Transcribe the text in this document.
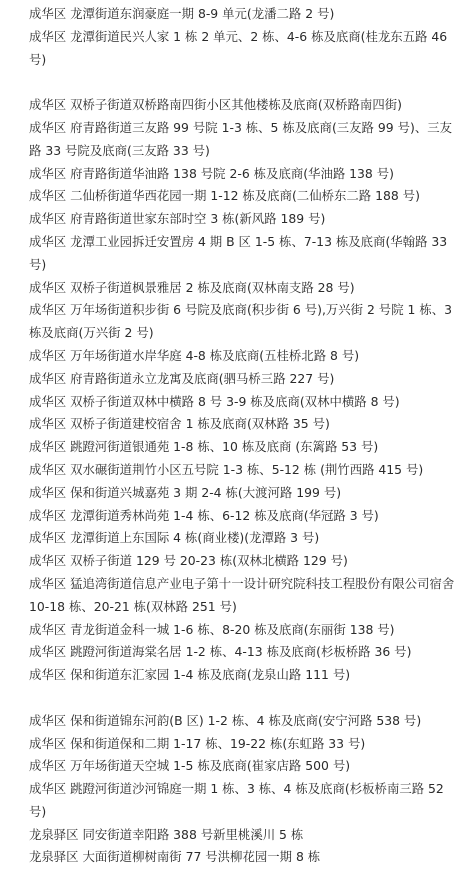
成华区 龙潭街道东润豪庭一期 8-9 单元(龙潘二路 2 号)

成华区 龙潭街道民兴人家 1 栋 2 单元、2 栋、4-6 栋及底商(桂龙东五路 46 号)

成华区 双桥子街道双桥路南四街小区其他楼栋及底商(双桥路南四街)

成华区 府青路街道三友路 99 号院 1-3 栋、5 栋及底商(三友路 99 号)、三友路 33 号院及底商(三友路 33 号)

成华区 府青路街道华油路 138 号院 2-6 栋及底商(华油路 138 号)

成华区 二仙桥街道华西花园一期 1-12 栋及底商(二仙桥东二路 188 号)

成华区 府青路街道世家东部时空 3 栋(新风路 189 号)

成华区 龙潭工业园拆迁安置房 4 期 B 区 1-5 栋、7-13 栋及底商(华翰路 33 号)

成华区 双桥子街道枫景雅居 2 栋及底商(双林南支路 28 号)

成华区 万年场街道积步街 6 号院及底商(积步街 6 号),万兴街 2 号院 1 栋、3 栋及底商(万兴街 2 号)

成华区 万年场街道水岸华庭 4-8 栋及底商(五桂桥北路 8 号)

成华区 府青路街道永立龙寓及底商(驷马桥三路 227 号)

成华区 双桥子街道双林中横路 8 号 3-9 栋及底商(双林中横路 8 号)

成华区 双桥子街道建校宿舍 1 栋及底商(双林路 35 号)

成华区 跳蹬河街道银通苑 1-8 栋、10 栋及底商 (东篱路 53 号)

成华区 双水碾街道荆竹小区五号院 1-3 栋、5-12 栋 (荆竹西路 415 号)

成华区 保和街道兴城嘉苑 3 期 2-4 栋(大渡河路 199 号)

成华区 龙潭街道秀林尚苑 1-4 栋、6-12 栋及底商(华冠路 3 号)

成华区 龙潭街道上东国际 4 栋(商业楼)(龙潭路 3 号)

成华区 双桥子街道 129 号 20-23 栋(双林北横路 129 号)

成华区 猛追湾街道信息产业电子第十一设计研究院科技工程股份有限公司宿舍 10-18 栋、20-21 栋(双林路 251 号)

成华区 青龙街道金科一城 1-6 栋、8-20 栋及底商(东丽街 138 号)

成华区 跳蹬河街道海棠名居 1-2 栋、4-13 栋及底商(杉板桥路 36 号)

成华区 保和街道东汇家园 1-4 栋及底商(龙泉山路 111 号)

成华区 保和街道锦东河韵(B 区) 1-2 栋、4 栋及底商(安宁河路 538 号)

成华区 保和街道保和二期 1-17 栋、19-22 栋(东虹路 33 号)

成华区 万年场街道天空城 1-5 栋及底商(崔家店路 500 号)

成华区 跳蹬河街道沙河锦庭一期 1 栋、3 栋、4 栋及底商(杉板桥南三路 52 号)

龙泉驿区 同安街道幸阳路 388 号新里桃溪川 5 栋

龙泉驿区 大面街道柳树南街 77 号洪柳花园一期 8 栋
